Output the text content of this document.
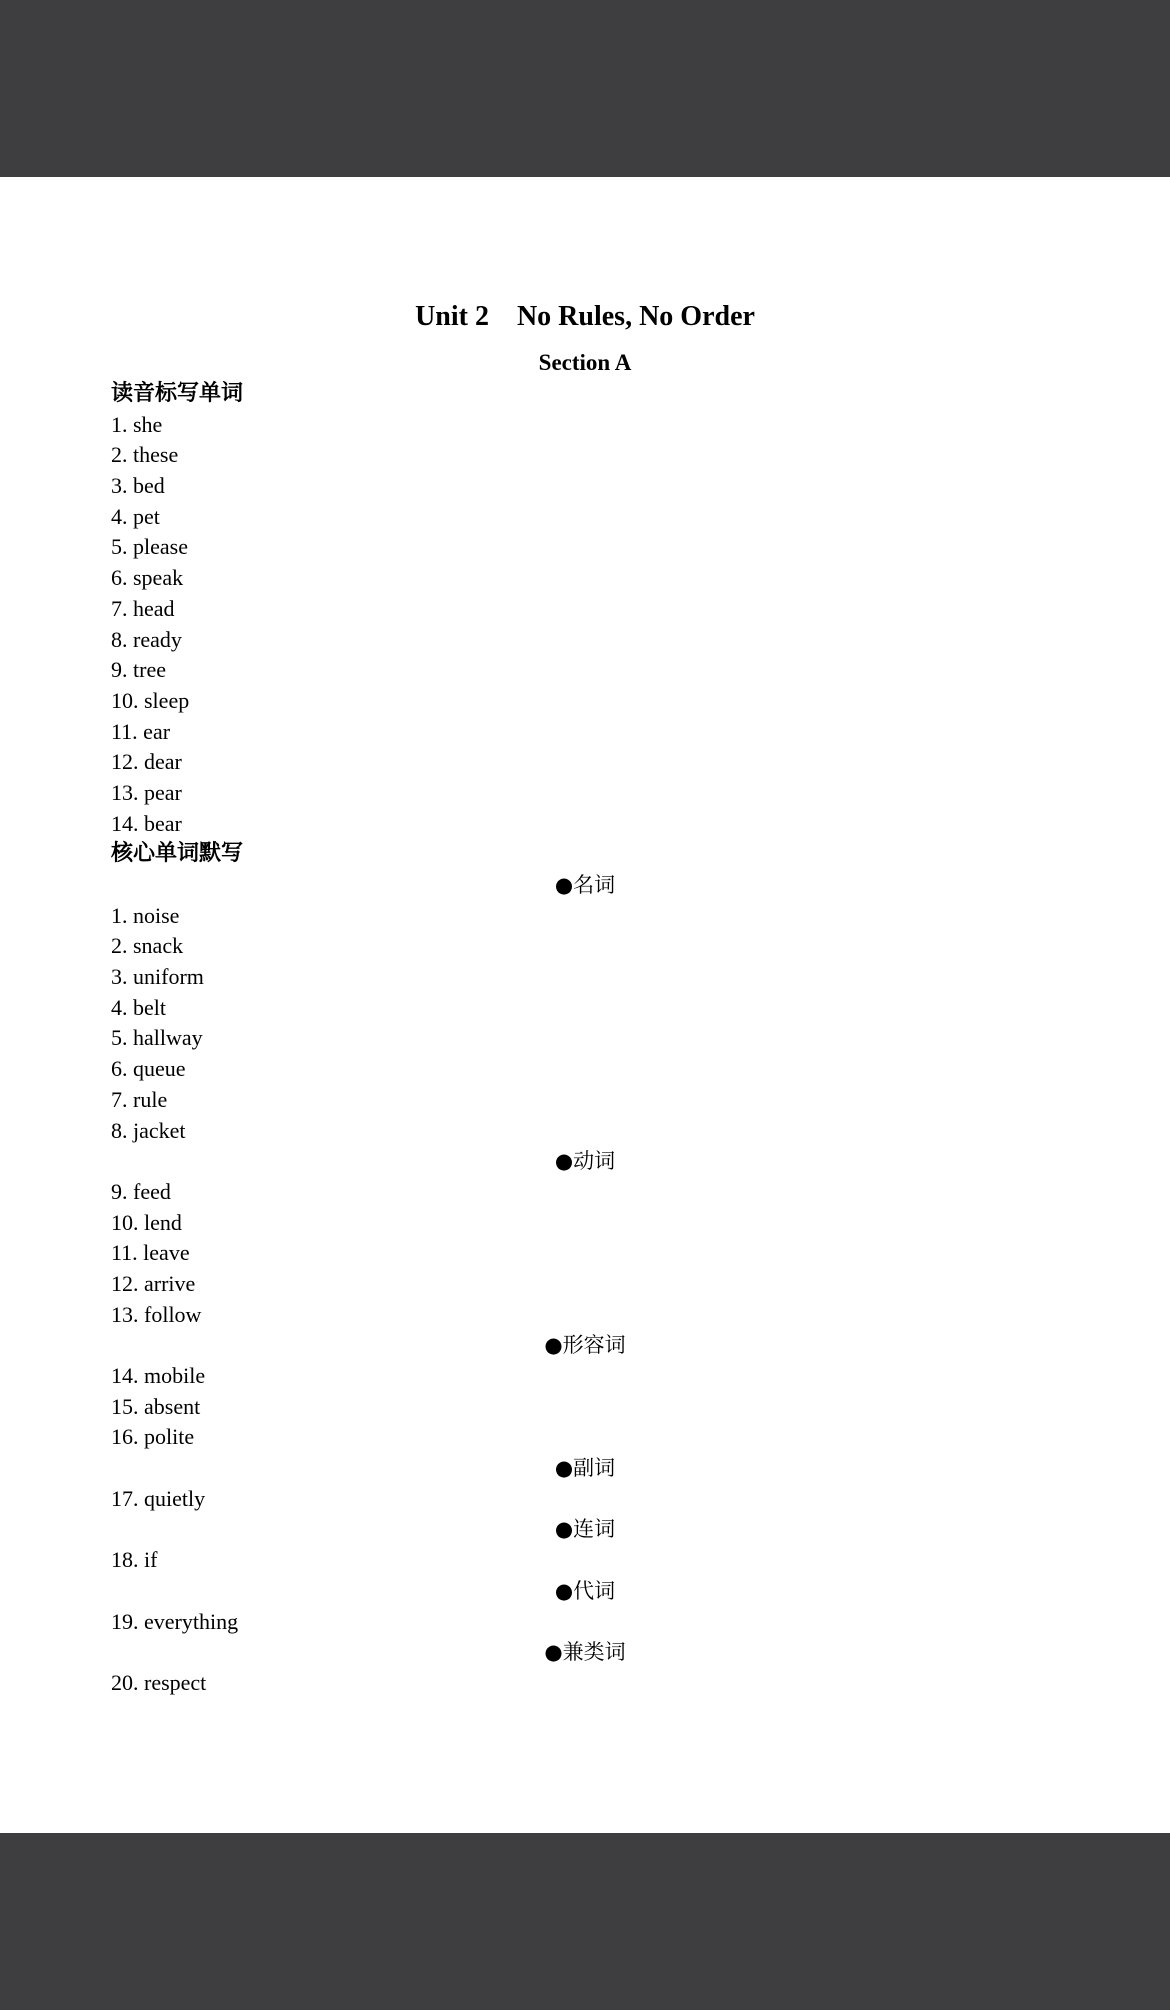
Unit 2    No Rules, No Order
Section A
读音标写单词
1. she
2. these
3. bed
4. pet
5. please
6. speak
7. head
8. ready
9. tree
10. sleep
11. ear
12. dear
13. pear
14. bear
核心单词默写
●名词
1. noise
2. snack
3. uniform
4. belt
5. hallway
6. queue
7. rule
8. jacket
●动词
9. feed
10. lend
11. leave
12. arrive
13. follow
●形容词
14. mobile
15. absent
16. polite
●副词
17. quietly
●连词
18. if
●代词
19. everything
●兼类词
20. respect
